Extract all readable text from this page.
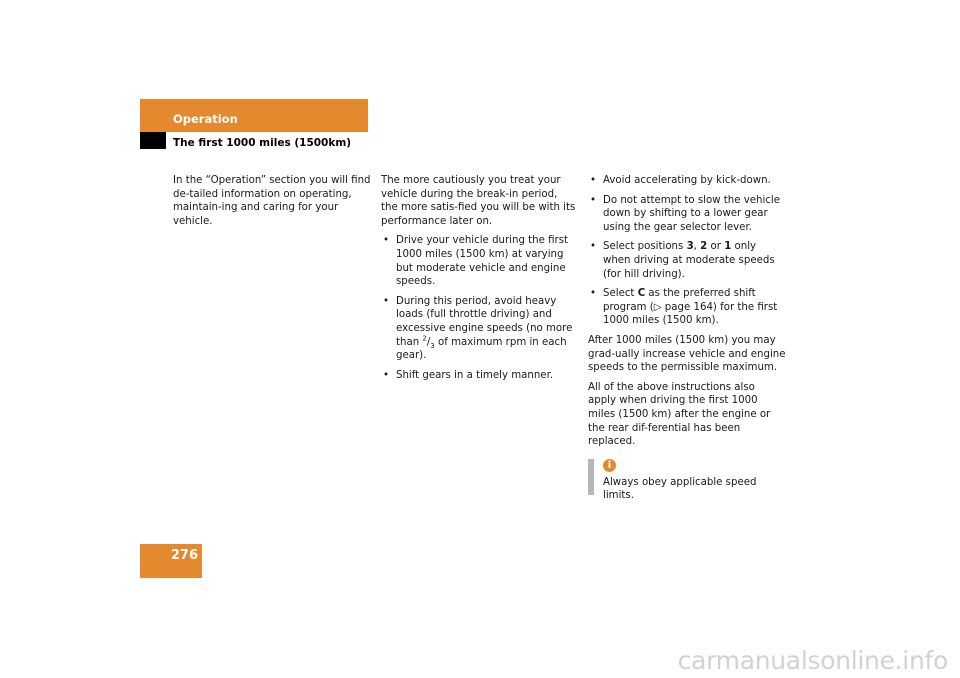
Operation
The first 1000 miles (1500km)

In the “Operation” section you will find de-tailed information on operating, maintain-ing and caring for your vehicle.

The more cautiously you treat your vehicle during the break-in period, the more satis-fied you will be with its performance later on.

• Drive your vehicle during the first 1000 miles (1500 km) at varying but moderate vehicle and engine speeds.
• During this period, avoid heavy loads (full throttle driving) and excessive engine speeds (no more than $^2/_3$ of maximum rpm in each gear).
• Shift gears in a timely manner.
• Avoid accelerating by kick-down.
• Do not attempt to slow the vehicle down by shifting to a lower gear using the gear selector lever.
• Select positions 3, 2 or 1 only when driving at moderate speeds (for hill driving).
• Select C as the preferred shift program (▷ page 164) for the first 1000 miles (1500 km).

After 1000 miles (1500 km) you may grad-ually increase vehicle and engine speeds to the permissible maximum.

All of the above instructions also apply when driving the first 1000 miles (1500 km) after the engine or the rear dif-ferential has been replaced.

i
Always obey applicable speed limits.
276
carmanualsonline.info
